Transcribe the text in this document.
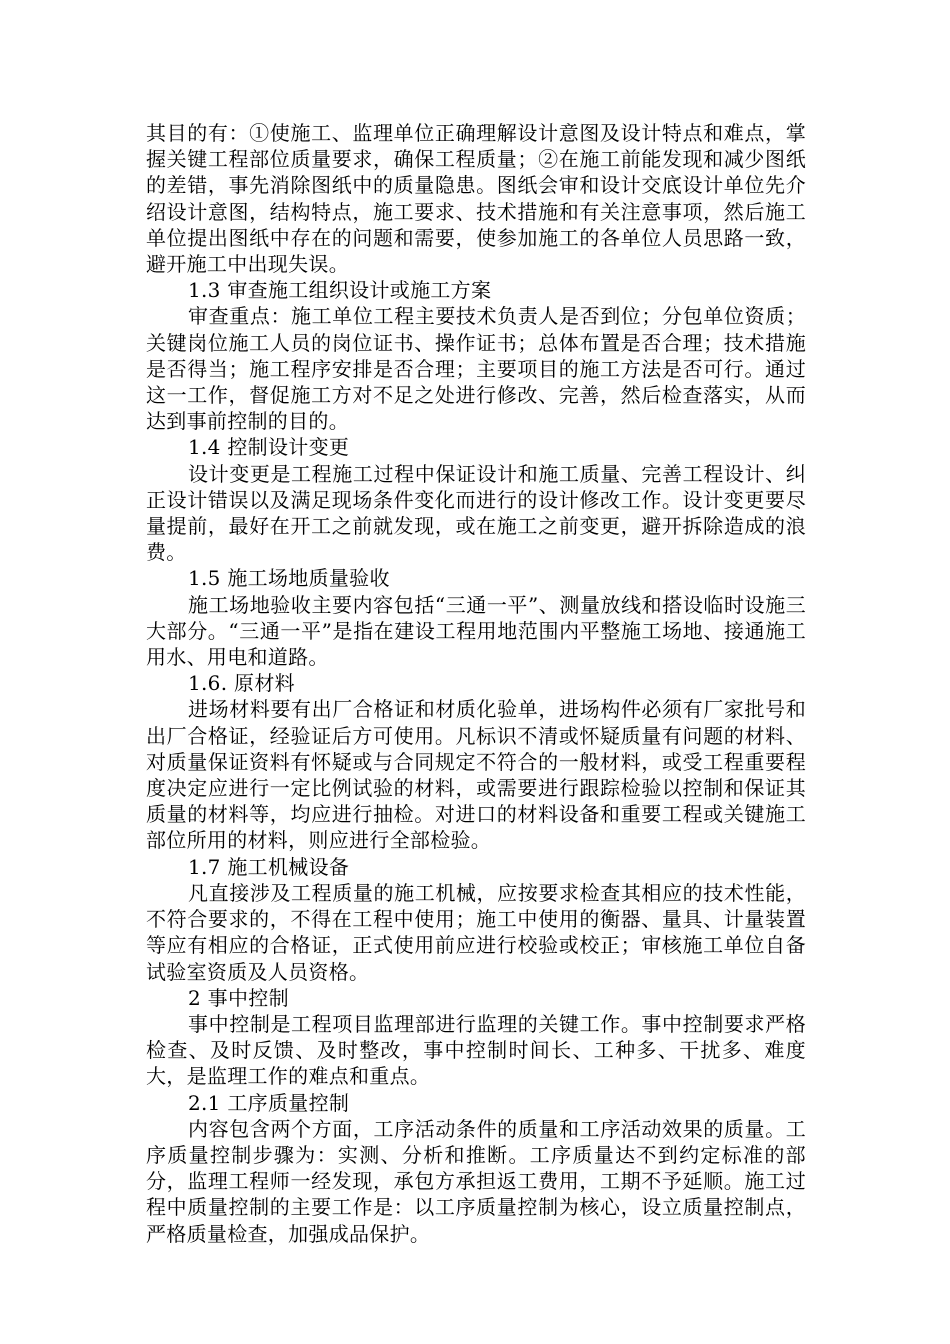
其目的有：①使施工、监理单位正确理解设计意图及设计特点和难点，掌握关键工程部位质量要求，确保工程质量；②在施工前能发现和减少图纸的差错，事先消除图纸中的质量隐患。图纸会审和设计交底设计单位先介绍设计意图，结构特点，施工要求、技术措施和有关注意事项，然后施工单位提出图纸中存在的问题和需要，使参加施工的各单位人员思路一致，避开施工中出现失误。

1.3 审查施工组织设计或施工方案

审查重点：施工单位工程主要技术负责人是否到位；分包单位资质；关键岗位施工人员的岗位证书、操作证书；总体布置是否合理；技术措施是否得当；施工程序安排是否合理；主要项目的施工方法是否可行。通过这一工作，督促施工方对不足之处进行修改、完善，然后检查落实，从而达到事前控制的目的。

1.4 控制设计变更

设计变更是工程施工过程中保证设计和施工质量、完善工程设计、纠正设计错误以及满足现场条件变化而进行的设计修改工作。设计变更要尽量提前，最好在开工之前就发现，或在施工之前变更，避开拆除造成的浪费。

1.5 施工场地质量验收

施工场地验收主要内容包括“三通一平”、测量放线和搭设临时设施三大部分。“三通一平”是指在建设工程用地范围内平整施工场地、接通施工用水、用电和道路。

1.6. 原材料

进场材料要有出厂合格证和材质化验单，进场构件必须有厂家批号和出厂合格证，经验证后方可使用。凡标识不清或怀疑质量有问题的材料、对质量保证资料有怀疑或与合同规定不符合的一般材料，或受工程重要程度决定应进行一定比例试验的材料，或需要进行跟踪检验以控制和保证其质量的材料等，均应进行抽检。对进口的材料设备和重要工程或关键施工部位所用的材料，则应进行全部检验。

1.7 施工机械设备

凡直接涉及工程质量的施工机械，应按要求检查其相应的技术性能，不符合要求的，不得在工程中使用；施工中使用的衡器、量具、计量装置等应有相应的合格证，正式使用前应进行校验或校正；审核施工单位自备试验室资质及人员资格。

2 事中控制

事中控制是工程项目监理部进行监理的关键工作。事中控制要求严格检查、及时反馈、及时整改，事中控制时间长、工种多、干扰多、难度大，是监理工作的难点和重点。

2.1 工序质量控制

内容包含两个方面，工序活动条件的质量和工序活动效果的质量。工序质量控制步骤为：实测、分析和推断。工序质量达不到约定标准的部分，监理工程师一经发现，承包方承担返工费用，工期不予延顺。施工过程中质量控制的主要工作是：以工序质量控制为核心，设立质量控制点，严格质量检查，加强成品保护。
